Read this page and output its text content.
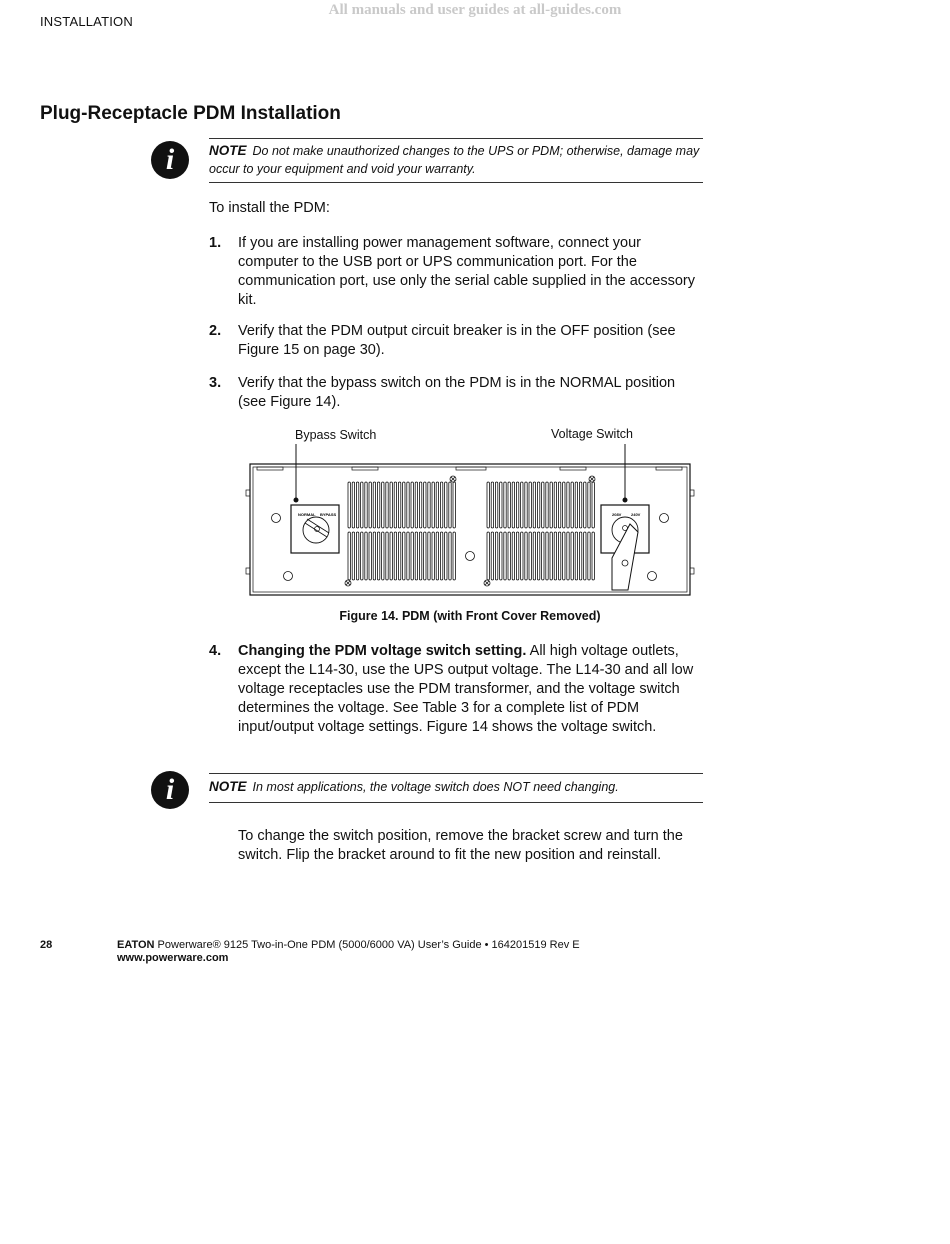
All manuals and user guides at all-guides.com
INSTALLATION
Plug-Receptacle PDM Installation
i	NOTE Do not make unauthorized changes to the UPS or PDM; otherwise, damage may occur to your equipment and void your warranty.
To install the PDM:
1. If you are installing power management software, connect your computer to the USB port or UPS communication port. For the communication port, use only the serial cable supplied in the accessory kit.
2. Verify that the PDM output circuit breaker is in the OFF position (see Figure 15 on page 30).
3. Verify that the bypass switch on the PDM is in the NORMAL position (see Figure 14).
Bypass Switch	Voltage Switch
NORMAL BYPASS	208V 240V
Figure 14. PDM (with Front Cover Removed)
4. Changing the PDM voltage switch setting. All high voltage outlets, except the L14-30, use the UPS output voltage. The L14-30 and all low voltage receptacles use the PDM transformer, and the voltage switch determines the voltage. See Table 3 for a complete list of PDM input/output voltage settings. Figure 14 shows the voltage switch.
i	NOTE In most applications, the voltage switch does NOT need changing.
To change the switch position, remove the bracket screw and turn the switch. Flip the bracket around to fit the new position and reinstall.
28	EATON Powerware® 9125 Two-in-One PDM (5000/6000 VA) User’s Guide • 164201519 Rev E
www.powerware.com
